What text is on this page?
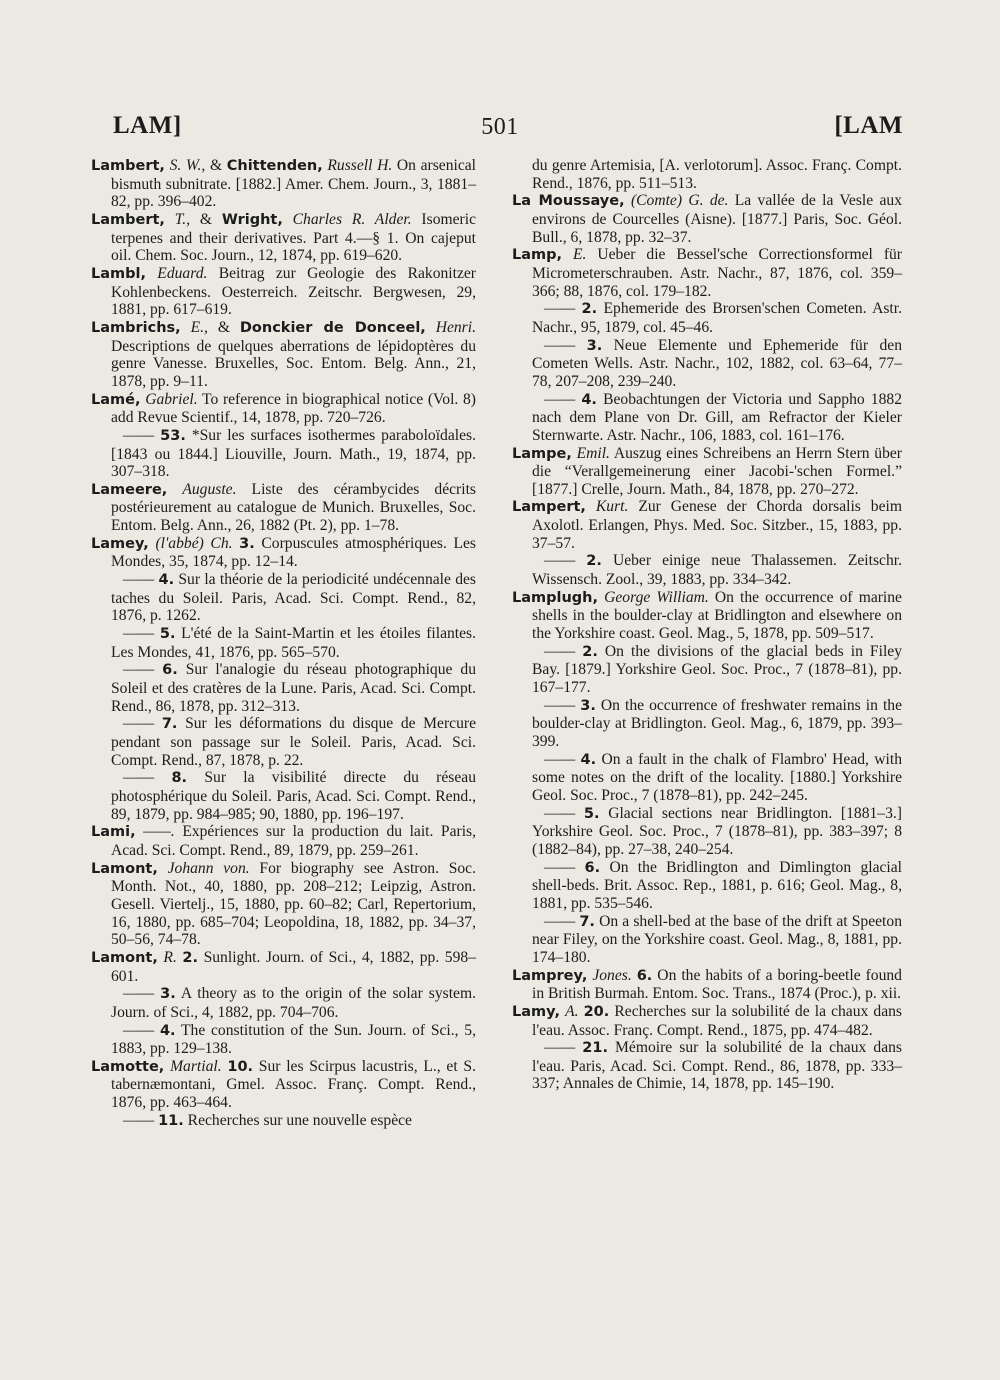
LAM]	501	[LAM

Lambert, S. W., & Chittenden, Russell H. On arsenical bismuth subnitrate. [1882.] Amer. Chem. Journ., 3, 1881–82, pp. 396–402.

Lambert, T., & Wright, Charles R. Alder. Isomeric terpenes and their derivatives. Part 4.—§ 1. On cajeput oil. Chem. Soc. Journ., 12, 1874, pp. 619–620.

Lambl, Eduard. Beitrag zur Geologie des Rakonitzer Kohlenbeckens. Oesterreich. Zeitschr. Bergwesen, 29, 1881, pp. 617–619.

Lambrichs, E., & Donckier de Donceel, Henri. Descriptions de quelques aberrations de lépidoptères du genre Vanesse. Bruxelles, Soc. Entom. Belg. Ann., 21, 1878, pp. 9–11.

Lamé, Gabriel. To reference in biographical notice (Vol. 8) add Revue Scientif., 14, 1878, pp. 720–726.

—— 53. *Sur les surfaces isothermes paraboloïdales. [1843 ou 1844.] Liouville, Journ. Math., 19, 1874, pp. 307–318.

Lameere, Auguste. Liste des cérambycides décrits postérieurement au catalogue de Munich. Bruxelles, Soc. Entom. Belg. Ann., 26, 1882 (Pt. 2), pp. 1–78.

Lamey, (l'abbé) Ch. 3. Corpuscules atmosphériques. Les Mondes, 35, 1874, pp. 12–14.

—— 4. Sur la théorie de la periodicité undécennale des taches du Soleil. Paris, Acad. Sci. Compt. Rend., 82, 1876, p. 1262.

—— 5. L'été de la Saint-Martin et les étoiles filantes. Les Mondes, 41, 1876, pp. 565–570.

—— 6. Sur l'analogie du réseau photographique du Soleil et des cratères de la Lune. Paris, Acad. Sci. Compt. Rend., 86, 1878, pp. 312–313.

—— 7. Sur les déformations du disque de Mercure pendant son passage sur le Soleil. Paris, Acad. Sci. Compt. Rend., 87, 1878, p. 22.

—— 8. Sur la visibilité directe du réseau photosphérique du Soleil. Paris, Acad. Sci. Compt. Rend., 89, 1879, pp. 984–985; 90, 1880, pp. 196–197.

Lami, ——. Expériences sur la production du lait. Paris, Acad. Sci. Compt. Rend., 89, 1879, pp. 259–261.

Lamont, Johann von. For biography see Astron. Soc. Month. Not., 40, 1880, pp. 208–212; Leipzig, Astron. Gesell. Viertelj., 15, 1880, pp. 60–82; Carl, Repertorium, 16, 1880, pp. 685–704; Leopoldina, 18, 1882, pp. 34–37, 50–56, 74–78.

Lamont, R. 2. Sunlight. Journ. of Sci., 4, 1882, pp. 598–601.

—— 3. A theory as to the origin of the solar system. Journ. of Sci., 4, 1882, pp. 704–706.

—— 4. The constitution of the Sun. Journ. of Sci., 5, 1883, pp. 129–138.

Lamotte, Martial. 10. Sur les Scirpus lacustris, L., et S. tabernæmontani, Gmel. Assoc. Franç. Compt. Rend., 1876, pp. 463–464.

—— 11. Recherches sur une nouvelle espèce

du genre Artemisia, [A. verlotorum]. Assoc. Franç. Compt. Rend., 1876, pp. 511–513.

La Moussaye, (Comte) G. de. La vallée de la Vesle aux environs de Courcelles (Aisne). [1877.] Paris, Soc. Géol. Bull., 6, 1878, pp. 32–37.

Lamp, E. Ueber die Bessel'sche Correctionsformel für Micrometerschrauben. Astr. Nachr., 87, 1876, col. 359–366; 88, 1876, col. 179–182.

—— 2. Ephemeride des Brorsen'schen Cometen. Astr. Nachr., 95, 1879, col. 45–46.

—— 3. Neue Elemente und Ephemeride für den Cometen Wells. Astr. Nachr., 102, 1882, col. 63–64, 77–78, 207–208, 239–240.

—— 4. Beobachtungen der Victoria und Sappho 1882 nach dem Plane von Dr. Gill, am Refractor der Kieler Sternwarte. Astr. Nachr., 106, 1883, col. 161–176.

Lampe, Emil. Auszug eines Schreibens an Herrn Stern über die “Verallgemeinerung einer Jacobi-'schen Formel.” [1877.] Crelle, Journ. Math., 84, 1878, pp. 270–272.

Lampert, Kurt. Zur Genese der Chorda dorsalis beim Axolotl. Erlangen, Phys. Med. Soc. Sitzber., 15, 1883, pp. 37–57.

—— 2. Ueber einige neue Thalassemen. Zeitschr. Wissensch. Zool., 39, 1883, pp. 334–342.

Lamplugh, George William. On the occurrence of marine shells in the boulder-clay at Bridlington and elsewhere on the Yorkshire coast. Geol. Mag., 5, 1878, pp. 509–517.

—— 2. On the divisions of the glacial beds in Filey Bay. [1879.] Yorkshire Geol. Soc. Proc., 7 (1878–81), pp. 167–177.

—— 3. On the occurrence of freshwater remains in the boulder-clay at Bridlington. Geol. Mag., 6, 1879, pp. 393–399.

—— 4. On a fault in the chalk of Flambro' Head, with some notes on the drift of the locality. [1880.] Yorkshire Geol. Soc. Proc., 7 (1878–81), pp. 242–245.

—— 5. Glacial sections near Bridlington. [1881–3.] Yorkshire Geol. Soc. Proc., 7 (1878–81), pp. 383–397; 8 (1882–84), pp. 27–38, 240–254.

—— 6. On the Bridlington and Dimlington glacial shell-beds. Brit. Assoc. Rep., 1881, p. 616; Geol. Mag., 8, 1881, pp. 535–546.

—— 7. On a shell-bed at the base of the drift at Speeton near Filey, on the Yorkshire coast. Geol. Mag., 8, 1881, pp. 174–180.

Lamprey, Jones. 6. On the habits of a boring-beetle found in British Burmah. Entom. Soc. Trans., 1874 (Proc.), p. xii.

Lamy, A. 20. Recherches sur la solubilité de la chaux dans l'eau. Assoc. Franç. Compt. Rend., 1875, pp. 474–482.

—— 21. Mémoire sur la solubilité de la chaux dans l'eau. Paris, Acad. Sci. Compt. Rend., 86, 1878, pp. 333–337; Annales de Chimie, 14, 1878, pp. 145–190.
